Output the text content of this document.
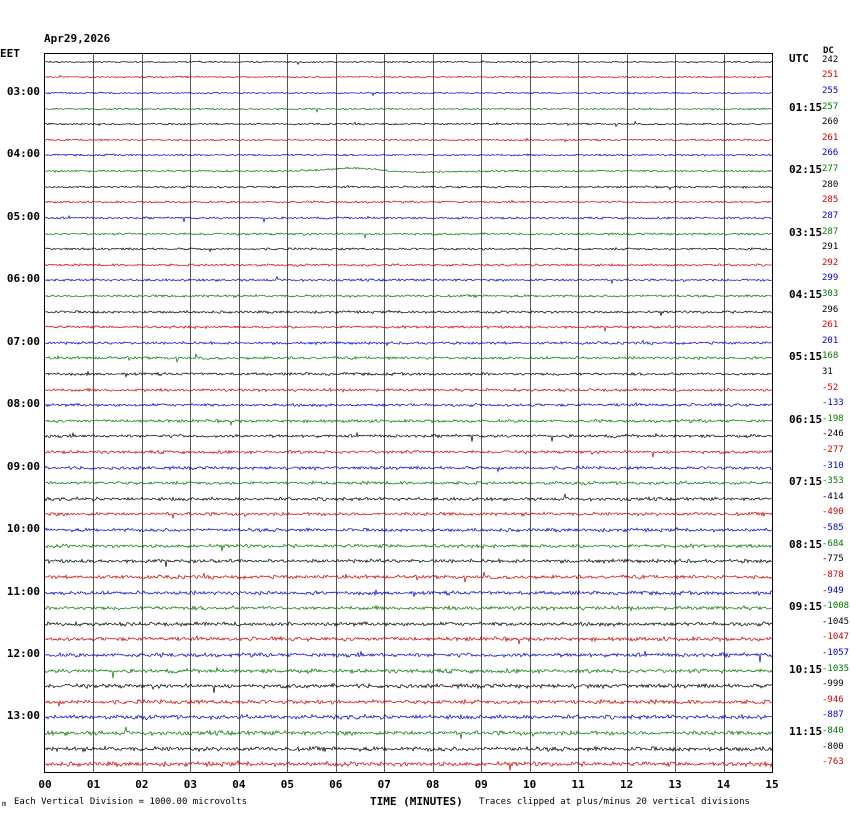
Apr29,2026

EET	UTC
DC
03:00
04:00
05:00
06:00
07:00
08:00
09:00
10:00
11:00
12:00
13:00
01:15
02:15
03:15
04:15
05:15
06:15
07:15
08:15
09:15
10:15
11:15
242
251
255
257
260
261
266
277
280
285
287
287
291
292
299
303
296
261
201
168
31
-52
-133
-198
-246
-277
-310
-353
-414
-490
-585
-684
-775
-878
-949
-1008
-1045
-1047
-1057
-1035
-999
-946
-887
-840
-800
-763
00	01	02	03	04	05	06	07	08	09	10	11	12	13	14	15
TIME (MINUTES)
Each Vertical Division = 1000.00 microvolts	Traces clipped at plus/minus 20 vertical divisions
m
